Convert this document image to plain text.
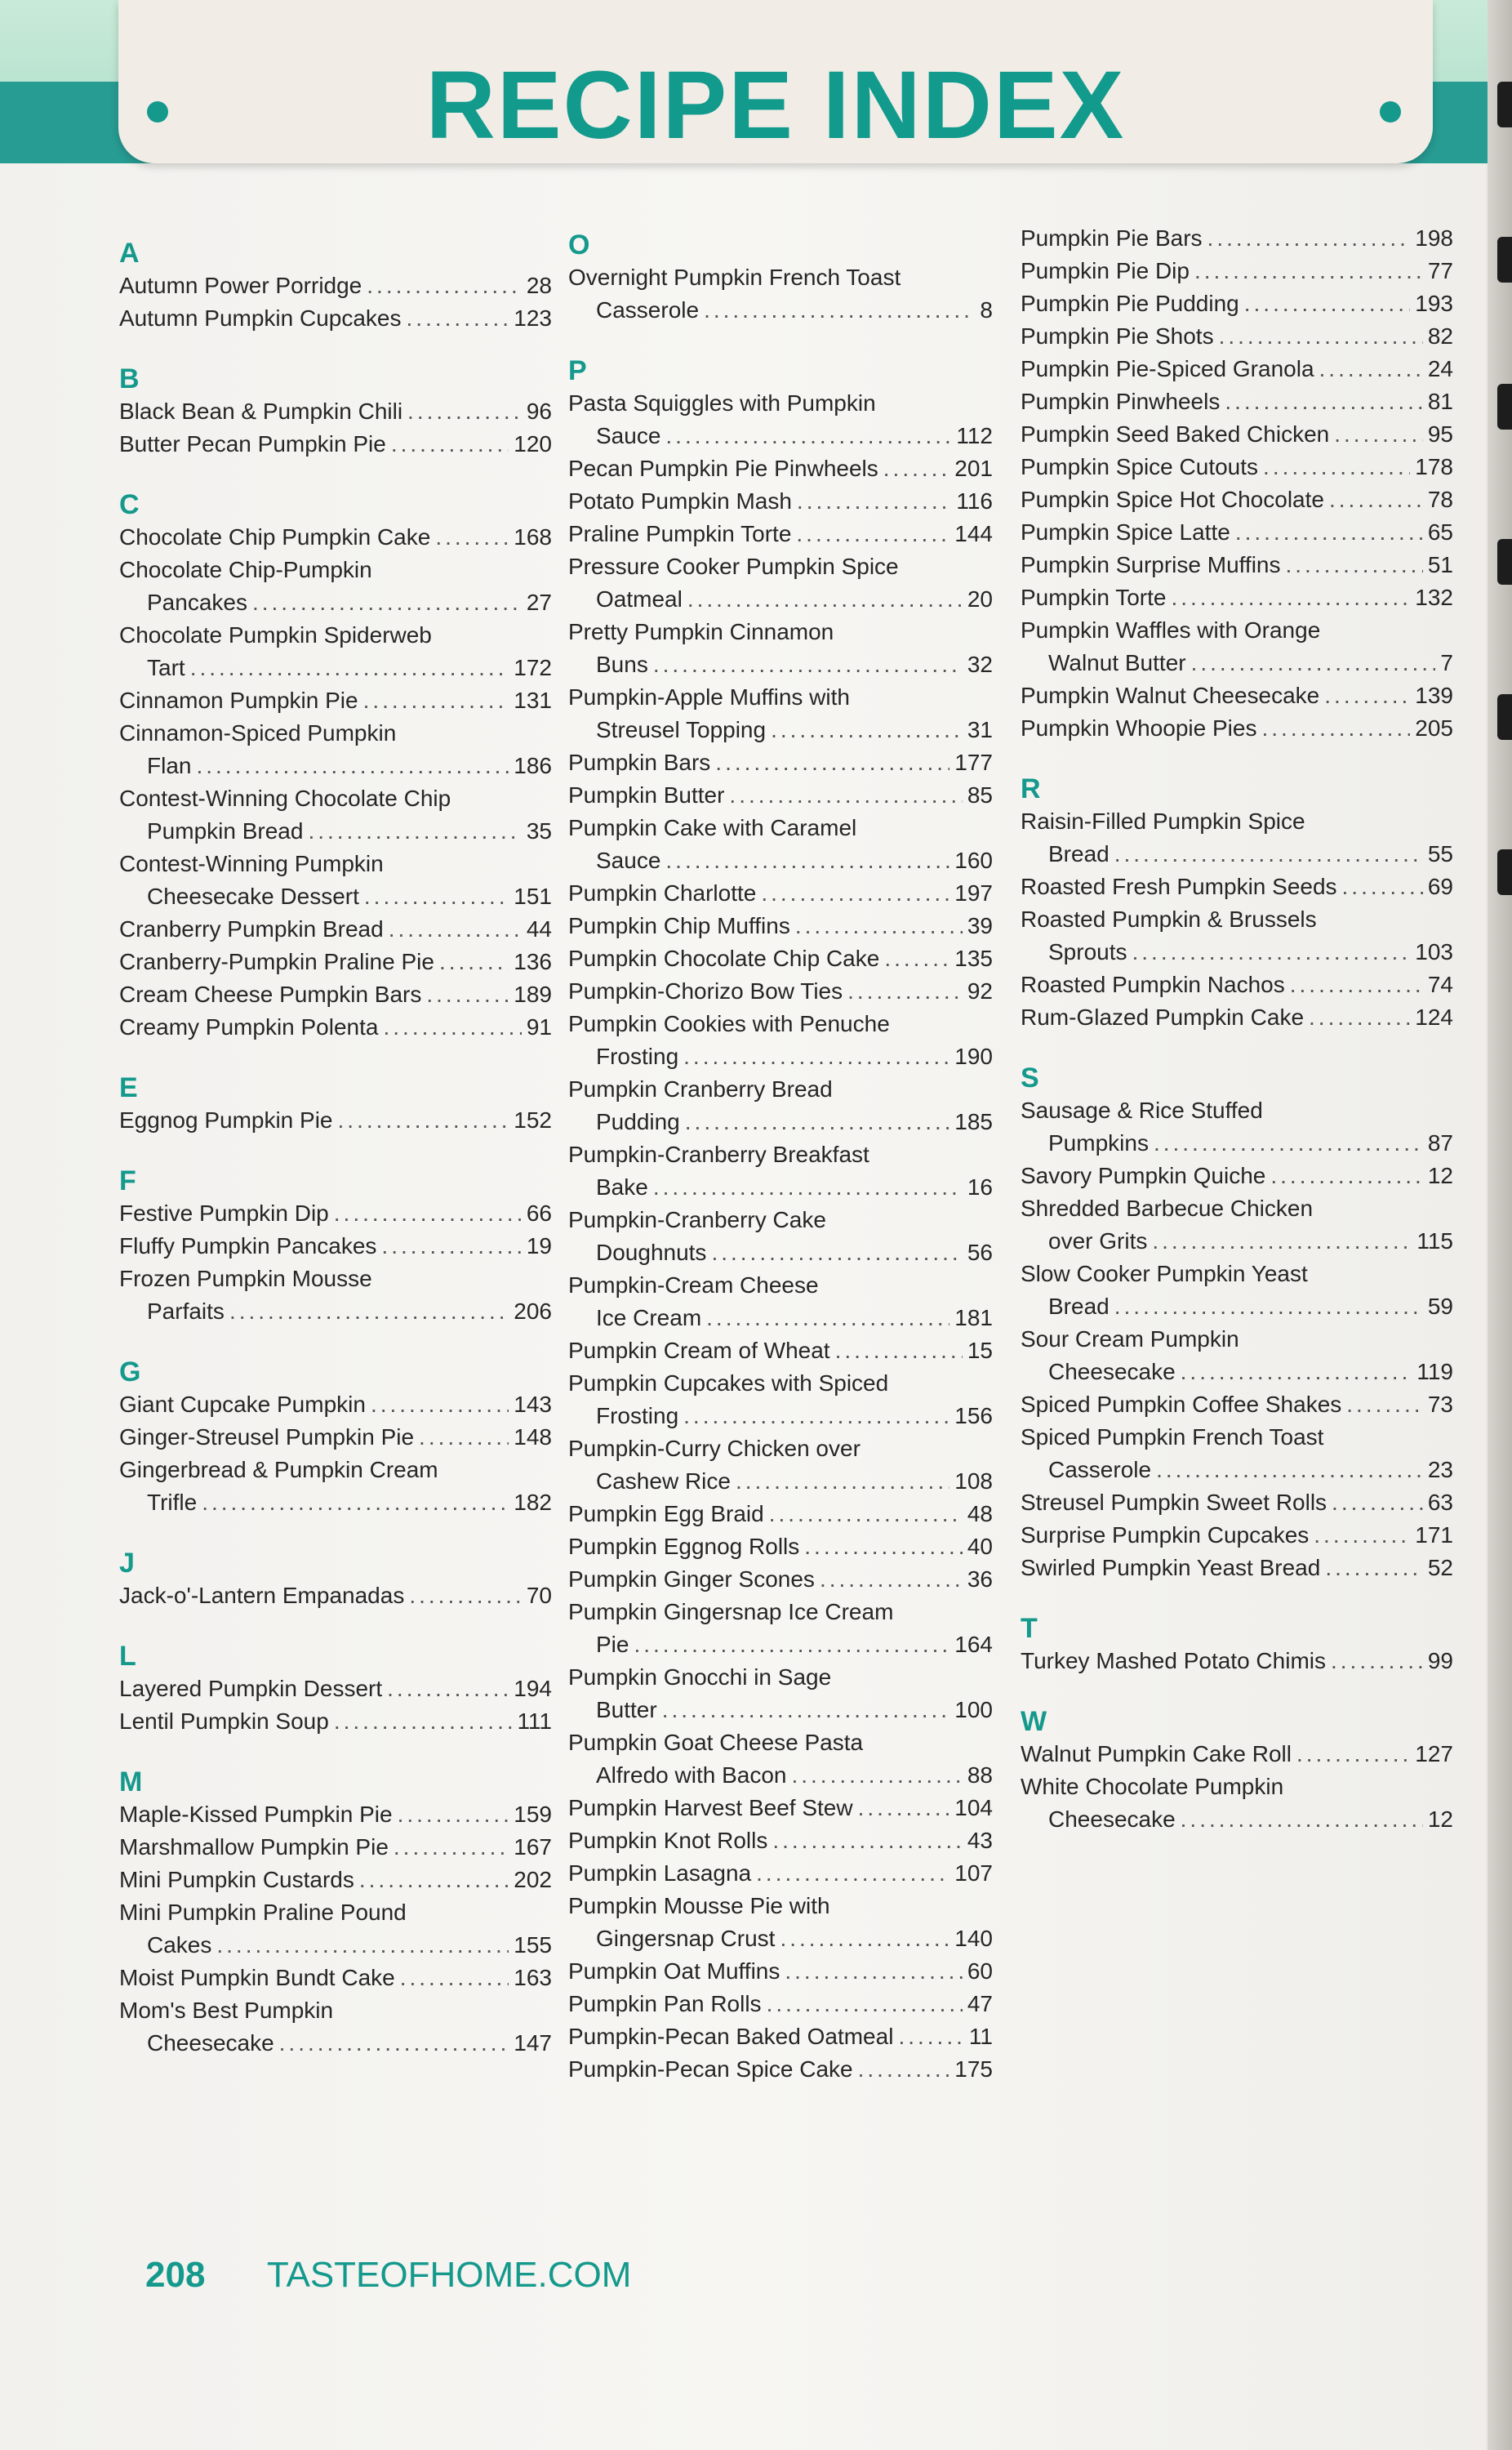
RECIPE INDEX
A
Autumn Power Porridge .....	28
Autumn Pumpkin Cupcakes .....	123
B
Black Bean & Pumpkin Chili .....	96
Butter Pecan Pumpkin Pie .....	120
C
Chocolate Chip Pumpkin Cake .....	168
Chocolate Chip-Pumpkin
Pancakes .....	27
Chocolate Pumpkin Spiderweb
Tart .....	172
Cinnamon Pumpkin Pie .....	131
Cinnamon-Spiced Pumpkin
Flan .....	186
Contest-Winning Chocolate Chip
Pumpkin Bread .....	35
Contest-Winning Pumpkin
Cheesecake Dessert .....	151
Cranberry Pumpkin Bread .....	44
Cranberry-Pumpkin Praline Pie .....	136
Cream Cheese Pumpkin Bars .....	189
Creamy Pumpkin Polenta .....	91
E
Eggnog Pumpkin Pie .....	152
F
Festive Pumpkin Dip .....	66
Fluffy Pumpkin Pancakes .....	19
Frozen Pumpkin Mousse
Parfaits .....	206
G
Giant Cupcake Pumpkin .....	143
Ginger-Streusel Pumpkin Pie .....	148
Gingerbread & Pumpkin Cream
Trifle .....	182
J
Jack-o'-Lantern Empanadas .....	70
L
Layered Pumpkin Dessert .....	194
Lentil Pumpkin Soup .....	111
M
Maple-Kissed Pumpkin Pie .....	159
Marshmallow Pumpkin Pie .....	167
Mini Pumpkin Custards .....	202
Mini Pumpkin Praline Pound
Cakes .....	155
Moist Pumpkin Bundt Cake .....	163
Mom's Best Pumpkin
Cheesecake .....	147
O
Overnight Pumpkin French Toast
Casserole .....	8
P
Pasta Squiggles with Pumpkin
Sauce .....	112
Pecan Pumpkin Pie Pinwheels .....	201
Potato Pumpkin Mash .....	116
Praline Pumpkin Torte .....	144
Pressure Cooker Pumpkin Spice
Oatmeal .....	20
Pretty Pumpkin Cinnamon
Buns .....	32
Pumpkin-Apple Muffins with
Streusel Topping .....	31
Pumpkin Bars .....	177
Pumpkin Butter .....	85
Pumpkin Cake with Caramel
Sauce .....	160
Pumpkin Charlotte .....	197
Pumpkin Chip Muffins .....	39
Pumpkin Chocolate Chip Cake .....	135
Pumpkin-Chorizo Bow Ties .....	92
Pumpkin Cookies with Penuche
Frosting .....	190
Pumpkin Cranberry Bread
Pudding .....	185
Pumpkin-Cranberry Breakfast
Bake .....	16
Pumpkin-Cranberry Cake
Doughnuts .....	56
Pumpkin-Cream Cheese
Ice Cream .....	181
Pumpkin Cream of Wheat .....	15
Pumpkin Cupcakes with Spiced
Frosting .....	156
Pumpkin-Curry Chicken over
Cashew Rice .....	108
Pumpkin Egg Braid .....	48
Pumpkin Eggnog Rolls .....	40
Pumpkin Ginger Scones .....	36
Pumpkin Gingersnap Ice Cream
Pie .....	164
Pumpkin Gnocchi in Sage
Butter .....	100
Pumpkin Goat Cheese Pasta
Alfredo with Bacon .....	88
Pumpkin Harvest Beef Stew .....	104
Pumpkin Knot Rolls .....	43
Pumpkin Lasagna .....	107
Pumpkin Mousse Pie with
Gingersnap Crust .....	140
Pumpkin Oat Muffins .....	60
Pumpkin Pan Rolls .....	47
Pumpkin-Pecan Baked Oatmeal .....	11
Pumpkin-Pecan Spice Cake .....	175
Pumpkin Pie Bars .....	198
Pumpkin Pie Dip .....	77
Pumpkin Pie Pudding .....	193
Pumpkin Pie Shots .....	82
Pumpkin Pie-Spiced Granola .....	24
Pumpkin Pinwheels .....	81
Pumpkin Seed Baked Chicken .....	95
Pumpkin Spice Cutouts .....	178
Pumpkin Spice Hot Chocolate .....	78
Pumpkin Spice Latte .....	65
Pumpkin Surprise Muffins .....	51
Pumpkin Torte .....	132
Pumpkin Waffles with Orange
Walnut Butter .....	7
Pumpkin Walnut Cheesecake .....	139
Pumpkin Whoopie Pies .....	205
R
Raisin-Filled Pumpkin Spice
Bread .....	55
Roasted Fresh Pumpkin Seeds .....	69
Roasted Pumpkin & Brussels
Sprouts .....	103
Roasted Pumpkin Nachos .....	74
Rum-Glazed Pumpkin Cake .....	124
S
Sausage & Rice Stuffed
Pumpkins .....	87
Savory Pumpkin Quiche .....	12
Shredded Barbecue Chicken
over Grits .....	115
Slow Cooker Pumpkin Yeast
Bread .....	59
Sour Cream Pumpkin
Cheesecake .....	119
Spiced Pumpkin Coffee Shakes .....	73
Spiced Pumpkin French Toast
Casserole .....	23
Streusel Pumpkin Sweet Rolls .....	63
Surprise Pumpkin Cupcakes .....	171
Swirled Pumpkin Yeast Bread .....	52
T
Turkey Mashed Potato Chimis .....	99
W
Walnut Pumpkin Cake Roll .....	127
White Chocolate Pumpkin
Cheesecake .....	12
208 TASTEOFHOME.COM
